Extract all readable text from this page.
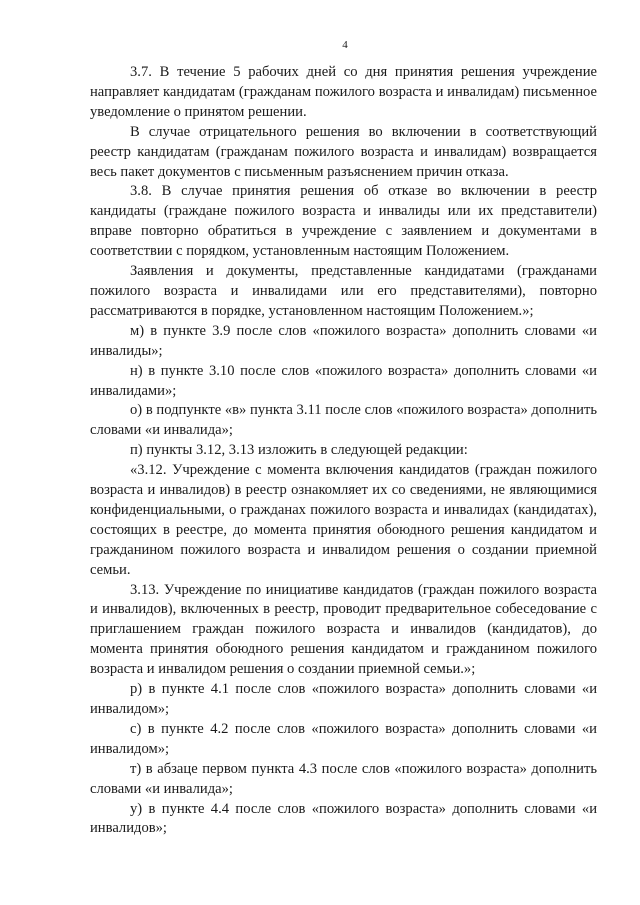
4

3.7. В течение 5 рабочих дней со дня принятия решения учреждение направляет кандидатам (гражданам пожилого возраста и инвалидам) письменное уведомление о принятом решении.

В случае отрицательного решения во включении в соответствующий реестр кандидатам (гражданам пожилого возраста и инвалидам) возвращается весь пакет документов с письменным разъяснением причин отказа.

3.8. В случае принятия решения об отказе во включении в реестр кандидаты (граждане пожилого возраста и инвалиды или их представители) вправе повторно обратиться в учреждение с заявлением и документами в соответствии с порядком, установленным настоящим Положением.

Заявления и документы, представленные кандидатами (гражданами пожилого возраста и инвалидами или его представителями), повторно рассматриваются в порядке, установленном настоящим Положением.»;

м) в пункте 3.9 после слов «пожилого возраста» дополнить словами «и инвалиды»;

н) в пункте 3.10 после слов «пожилого возраста» дополнить словами «и инвалидами»;

о) в подпункте «в» пункта 3.11 после слов «пожилого возраста» дополнить словами «и инвалида»;

п) пункты 3.12, 3.13 изложить в следующей редакции:

«3.12. Учреждение с момента включения кандидатов (граждан пожилого возраста и инвалидов) в реестр ознакомляет их со сведениями, не являющимися конфиденциальными, о гражданах пожилого возраста и инвалидах (кандидатах), состоящих в реестре, до момента принятия обоюдного решения кандидатом и гражданином пожилого возраста и инвалидом решения о создании приемной семьи.

3.13. Учреждение по инициативе кандидатов (граждан пожилого возраста и инвалидов), включенных в реестр, проводит предварительное собеседование с приглашением граждан пожилого возраста и инвалидов (кандидатов), до момента принятия обоюдного решения кандидатом и гражданином пожилого возраста и инвалидом решения о создании приемной семьи.»;

р) в пункте 4.1 после слов «пожилого возраста» дополнить словами «и инвалидом»;

с) в пункте 4.2 после слов «пожилого возраста» дополнить словами «и инвалидом»;

т) в абзаце первом пункта 4.3 после слов «пожилого возраста» дополнить словами «и инвалида»;

у) в пункте 4.4 после слов «пожилого возраста» дополнить словами «и инвалидов»;
